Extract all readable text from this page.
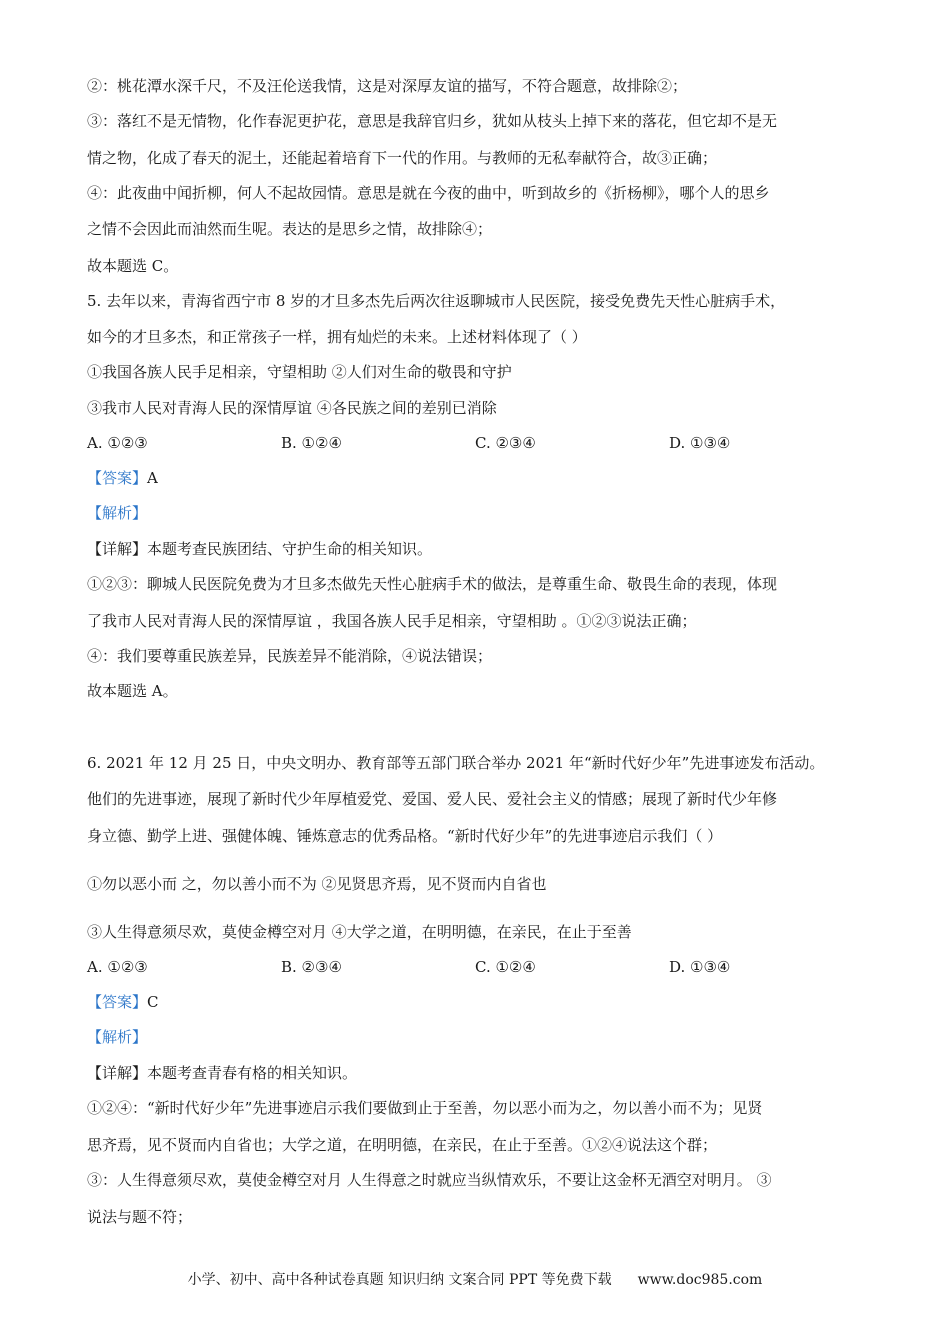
②：桃花潭水深千尺，不及汪伦送我情，这是对深厚友谊的描写，不符合题意，故排除②；
③：落红不是无情物，化作春泥更护花，意思是我辞官归乡，犹如从枝头上掉下来的落花，但它却不是无
情之物，化成了春天的泥土，还能起着培育下一代的作用。与教师的无私奉献符合，故③正确；
④：此夜曲中闻折柳，何人不起故园情。意思是就在今夜的曲中，听到故乡的《折杨柳》，哪个人的思乡
之情不会因此而油然而生呢。表达的是思乡之情，故排除④；
故本题选 C。
5. 去年以来，青海省西宁市 8 岁的才旦多杰先后两次往返聊城市人民医院，接受免费先天性心脏病手术，
如今的才旦多杰，和正常孩子一样，拥有灿烂的未来。上述材料体现了（ ）
①我国各族人民手足相亲，守望相助 ②人们对生命的敬畏和守护
③我市人民对青海人民的深情厚谊 ④各民族之间的差别已消除
A. ①②③	B. ①②④	C. ②③④	D. ①③④
【答案】A
【解析】
【详解】本题考查民族团结、守护生命的相关知识。
①②③：聊城人民医院免费为才旦多杰做先天性心脏病手术的做法，是尊重生命、敬畏生命的表现，体现
了我市人民对青海人民的深情厚谊 ，我国各族人民手足相亲，守望相助 。①②③说法正确；
④：我们要尊重民族差异，民族差异不能消除，④说法错误；
故本题选 A。
6. 2021 年 12 月 25 日，中央文明办、教育部等五部门联合举办 2021 年“新时代好少年”先进事迹发布活动。
他们的先进事迹，展现了新时代少年厚植爱党、爱国、爱人民、爱社会主义的情感；展现了新时代少年修
身立德、勤学上进、强健体魄、锤炼意志的优秀品格。“新时代好少年”的先进事迹启示我们（ ）
①勿以恶小而 之，勿以善小而不为 ②见贤思齐焉，见不贤而内自省也
③人生得意须尽欢，莫使金樽空对月 ④大学之道，在明明德，在亲民，在止于至善
A. ①②③	B. ②③④	C. ①②④	D. ①③④
【答案】C
【解析】
【详解】本题考查青春有格的相关知识。
①②④：“新时代好少年”先进事迹启示我们要做到止于至善，勿以恶小而为之，勿以善小而不为；见贤
思齐焉，见不贤而内自省也；大学之道，在明明德，在亲民，在止于至善。①②④说法这个群；
③：人生得意须尽欢，莫使金樽空对月 人生得意之时就应当纵情欢乐，不要让这金杯无酒空对明月。 ③
说法与题不符；
小学、初中、高中各种试卷真题 知识归纳 文案合同 PPT 等免费下载 www.doc985.com
